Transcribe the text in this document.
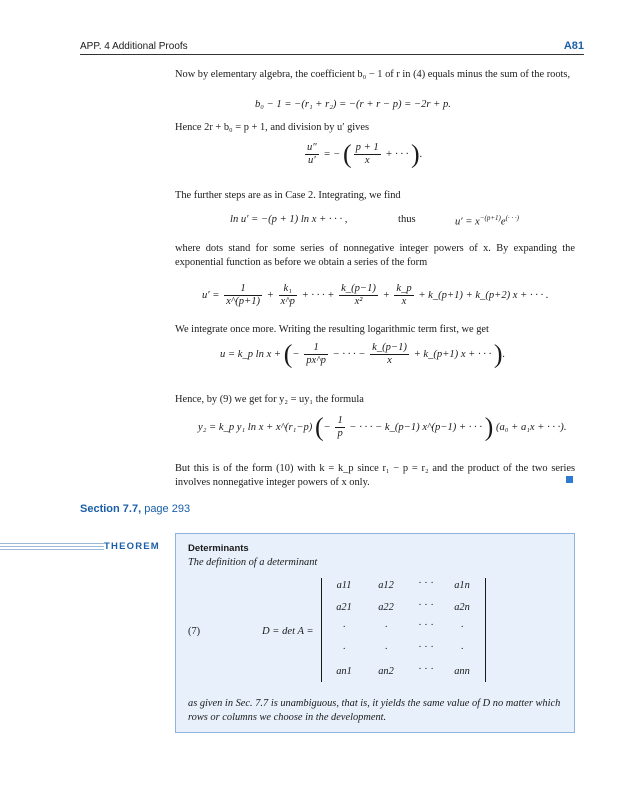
APP. 4 Additional Proofs	A81
Now by elementary algebra, the coefficient b₀ − 1 of r in (4) equals minus the sum of the roots,
b₀ − 1 = −(r₁ + r₂) = −(r + r − p) = −2r + p.
Hence 2r + b₀ = p + 1, and division by u′ gives
$\frac{u''}{u'}$ = − ( $\frac{p + 1}{x}$ + · · · ).
The further steps are as in Case 2. Integrating, we find
ln u′ = −(p + 1) ln x + · · · ,	thus	$u' = x^{-(p+1)}e^{(\cdot \cdot \cdot)}$
where dots stand for some series of nonnegative integer powers of x. By expanding the exponential function as before we obtain a series of the form
$u' = \frac{1}{x\^{}(p+1)} + \frac{\text{k₁}}{x\^{}p}$ + · · · + $\frac{k\_(p-1)}{\text{x²}} + \frac{k\_p}{x}$ + k_(p+1) + k_(p+2) x + · · · .
We integrate once more. Writing the resulting logarithmic term first, we get
u = k_p ln x + (− $\frac{1}{px\^{}p}$ − · · · − $\frac{k\_(p-1)}{x}$ + k_(p+1) x + · · · ).
Hence, by (9) we get for y₂ = uy₁ the formula
y₂ = k_p y₁ ln x + x^(r₁−p) (− $\frac{1}{p}$ − · · · − k_(p−1) x^(p−1) + · · · ) (a₀ + a₁x + · · ·).
But this is of the form (10) with k = k_p since r₁ − p = r₂ and the product of the two series involves nonnegative integer powers of x only.
Section 7.7, page 293
THEOREM	Determinants
The definition of a determinant
(7)	D = det A =
a11	a12	· · ·	a1n
a21	a22	· · ·	a2n
·	·	· · ·	·
·	·	· · ·	·
an1	an2	· · ·	ann
as given in Sec. 7.7 is unambiguous, that is, it yields the same value of D no matter which rows or columns we choose in the development.
